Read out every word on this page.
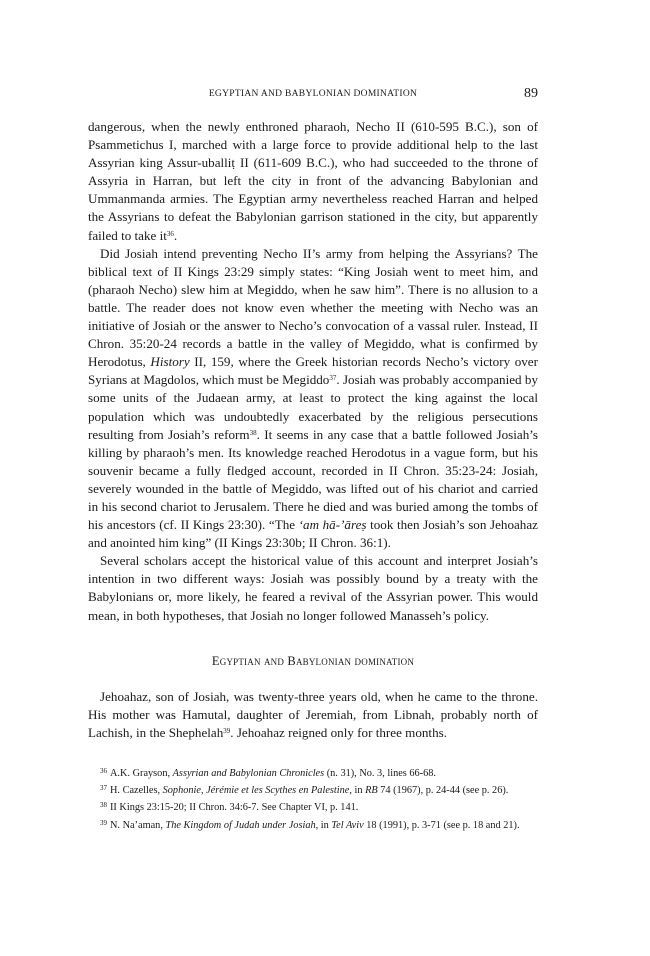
EGYPTIAN AND BABYLONIAN DOMINATION	89

dangerous, when the newly enthroned pharaoh, Necho II (610-595 B.C.), son of Psammetichus I, marched with a large force to provide additional help to the last Assyrian king Assur-uballiṭ II (611-609 B.C.), who had succeeded to the throne of Assyria in Harran, but left the city in front of the advancing Babylonian and Ummanmanda armies. The Egyptian army nevertheless reached Harran and helped the Assyrians to defeat the Babylonian garrison stationed in the city, but apparently failed to take $it^{36}$.

Did Josiah intend preventing Necho II’s army from helping the Assyrians? The biblical text of II Kings 23:29 simply states: “King Josiah went to meet him, and (pharaoh Necho) slew him at Megiddo, when he saw him”. There is no allusion to a battle. The reader does not know even whether the meeting with Necho was an initiative of Josiah or the answer to Necho’s convocation of a vassal ruler. Instead, II Chron. 35:20-24 records a battle in the valley of Megiddo, what is confirmed by Herodotus, History II, 159, where the Greek historian records Necho’s victory over Syrians at Magdolos, which must be Megiddo$^{37}$. Josiah was probably accompanied by some units of the Judaean army, at least to protect the king against the local population which was undoubtedly exacerbated by the religious persecutions resulting from Josiah’s reform$^{38}$. It seems in any case that a battle followed Josiah’s killing by pharaoh’s men. Its knowledge reached Herodotus in a vague form, but his souvenir became a fully fledged account, recorded in II Chron. 35:23-24: Josiah, severely wounded in the battle of Megiddo, was lifted out of his chariot and carried in his second chariot to Jerusalem. There he died and was buried among the tombs of his ancestors (cf. II Kings 23:30). “The ‘am hā-’āreṣ took then Josiah’s son Jehoahaz and anointed him king” (II Kings 23:30b; II Chron. 36:1).

Several scholars accept the historical value of this account and interpret Josiah’s intention in two different ways: Josiah was possibly bound by a treaty with the Babylonians or, more likely, he feared a revival of the Assyrian power. This would mean, in both hypotheses, that Josiah no longer followed Manasseh’s policy.

Egyptian and Babylonian domination

Jehoahaz, son of Josiah, was twenty-three years old, when he came to the throne. His mother was Hamutal, daughter of Jeremiah, from Libnah, probably north of Lachish, in the Shephelah$^{39}$. Jehoahaz reigned only for three months.

$^{36}$ A.K. Grayson, Assyrian and Babylonian Chronicles (n. 31), No. 3, lines 66-68.

$^{37}$ H. Cazelles, Sophonie, Jérémie et les Scythes en Palestine, in RB 74 (1967), p. 24-44 (see p. 26).

$^{38}$ II Kings 23:15-20; II Chron. 34:6-7. See Chapter VI, p. 141.

$^{39}$ N. Na’aman, The Kingdom of Judah under Josiah, in Tel Aviv 18 (1991), p. 3-71 (see p. 18 and 21).
